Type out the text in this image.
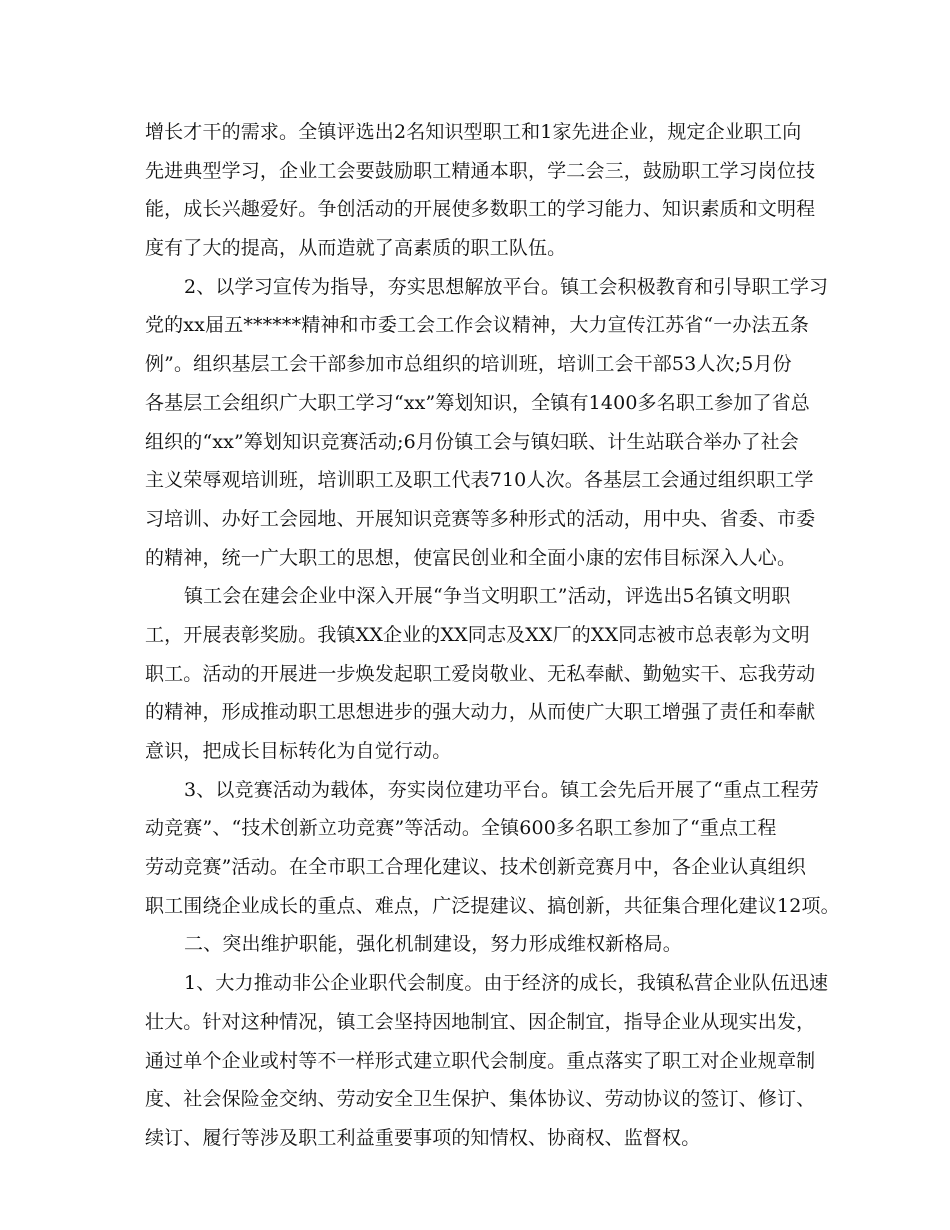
增长才干的需求。全镇评选出2名知识型职工和1家先进企业，规定企业职工向
先进典型学习，企业工会要鼓励职工精通本职，学二会三，鼓励职工学习岗位技
能，成长兴趣爱好。争创活动的开展使多数职工的学习能力、知识素质和文明程
度有了大的提高，从而造就了高素质的职工队伍。
2、以学习宣传为指导，夯实思想解放平台。镇工会积极教育和引导职工学习
党的xx届五******精神和市委工会工作会议精神，大力宣传江苏省“一办法五条
例”。组织基层工会干部参加市总组织的培训班，培训工会干部53人次;5月份
各基层工会组织广大职工学习“xx”筹划知识，全镇有1400多名职工参加了省总
组织的“xx”筹划知识竞赛活动;6月份镇工会与镇妇联、计生站联合举办了社会
主义荣辱观培训班，培训职工及职工代表710人次。各基层工会通过组织职工学
习培训、办好工会园地、开展知识竞赛等多种形式的活动，用中央、省委、市委
的精神，统一广大职工的思想，使富民创业和全面小康的宏伟目标深入人心。
镇工会在建会企业中深入开展“争当文明职工”活动，评选出5名镇文明职
工，开展表彰奖励。我镇XX企业的XX同志及XX厂的XX同志被市总表彰为文明
职工。活动的开展进一步焕发起职工爱岗敬业、无私奉献、勤勉实干、忘我劳动
的精神，形成推动职工思想进步的强大动力，从而使广大职工增强了责任和奉献
意识，把成长目标转化为自觉行动。
3、以竞赛活动为载体，夯实岗位建功平台。镇工会先后开展了“重点工程劳
动竞赛”、“技术创新立功竞赛”等活动。全镇600多名职工参加了“重点工程
劳动竞赛”活动。在全市职工合理化建议、技术创新竞赛月中，各企业认真组织
职工围绕企业成长的重点、难点，广泛提建议、搞创新，共征集合理化建议12项。
二、突出维护职能，强化机制建设，努力形成维权新格局。
1、大力推动非公企业职代会制度。由于经济的成长，我镇私营企业队伍迅速
壮大。针对这种情况，镇工会坚持因地制宜、因企制宜，指导企业从现实出发，
通过单个企业或村等不一样形式建立职代会制度。重点落实了职工对企业规章制
度、社会保险金交纳、劳动安全卫生保护、集体协议、劳动协议的签订、修订、
续订、履行等涉及职工利益重要事项的知情权、协商权、监督权。
